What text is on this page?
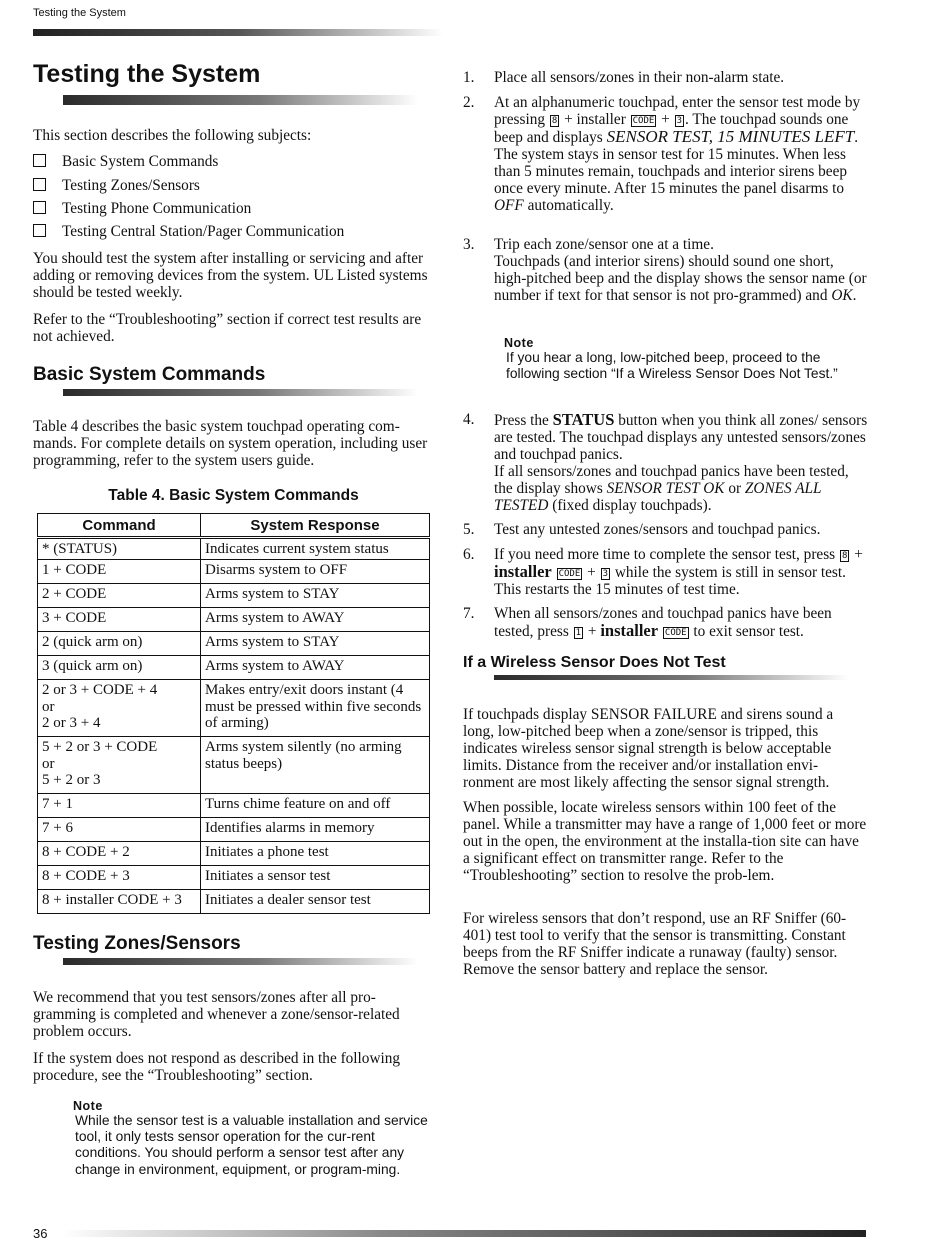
Testing the System
Testing the System
This section describes the following subjects:
Basic System Commands
Testing Zones/Sensors
Testing Phone Communication
Testing Central Station/Pager Communication
You should test the system after installing or servicing and after adding or removing devices from the system. UL Listed systems should be tested weekly.
Refer to the “Troubleshooting” section if correct test results are not achieved.
Basic System Commands
Table 4 describes the basic system touchpad operating com-mands. For complete details on system operation, including user programming, refer to the system users guide.
Table 4. Basic System Commands
Command	System Response
* (STATUS)	Indicates current system status
1 + CODE	Disarms system to OFF
2 + CODE	Arms system to STAY
3 + CODE	Arms system to AWAY
2 (quick arm on)	Arms system to STAY
3 (quick arm on)	Arms system to AWAY
2 or 3 + CODE + 4
or
2 or 3 + 4	Makes entry/exit doors instant (4 must be pressed within five seconds of arming)
5 + 2 or 3 + CODE
or
5 + 2 or 3	Arms system silently (no arming status beeps)
7 + 1	Turns chime feature on and off
7 + 6	Identifies alarms in memory
8 + CODE + 2	Initiates a phone test
8 + CODE + 3	Initiates a sensor test
8 + installer CODE + 3	Initiates a dealer sensor test
Testing Zones/Sensors
We recommend that you test sensors/zones after all pro-gramming is completed and whenever a zone/sensor-related problem occurs.
If the system does not respond as described in the following procedure, see the “Troubleshooting” section.
Note
While the sensor test is a valuable installation and service tool, it only tests sensor operation for the cur-rent conditions. You should perform a sensor test after any change in environment, equipment, or program-ming.
1. Place all sensors/zones in their non-alarm state.
2. At an alphanumeric touchpad, enter the sensor test mode by pressing 8 + installer CODE + 3 . The touchpad sounds one beep and displays SENSOR TEST, 15 MINUTES LEFT.
The system stays in sensor test for 15 minutes. When less than 5 minutes remain, touchpads and interior sirens beep once every minute. After 15 minutes the panel disarms to OFF automatically.
3. Trip each zone/sensor one at a time.
Touchpads (and interior sirens) should sound one short, high-pitched beep and the display shows the sensor name (or number if text for that sensor is not pro-grammed) and OK.
Note
If you hear a long, low-pitched beep, proceed to the following section “If a Wireless Sensor Does Not Test.”
4. Press the STATUS button when you think all zones/ sensors are tested. The touchpad displays any untested sensors/zones and touchpad panics.
If all sensors/zones and touchpad panics have been tested, the display shows SENSOR TEST OK or ZONES ALL TESTED (fixed display touchpads).
5. Test any untested zones/sensors and touchpad panics.
6. If you need more time to complete the sensor test, press 8 + installer CODE + 3 while the system is still in sensor test. This restarts the 15 minutes of test time.
7. When all sensors/zones and touchpad panics have been tested, press 1 + installer CODE to exit sensor test.
If a Wireless Sensor Does Not Test
If touchpads display SENSOR FAILURE and sirens sound a long, low-pitched beep when a zone/sensor is tripped, this indicates wireless sensor signal strength is below acceptable limits. Distance from the receiver and/or installation envi-ronment are most likely affecting the sensor signal strength.
When possible, locate wireless sensors within 100 feet of the panel. While a transmitter may have a range of 1,000 feet or more out in the open, the environment at the installa-tion site can have a significant effect on transmitter range. Refer to the “Troubleshooting” section to resolve the prob-lem.
For wireless sensors that don’t respond, use an RF Sniffer (60-401) test tool to verify that the sensor is transmitting. Constant beeps from the RF Sniffer indicate a runaway (faulty) sensor. Remove the sensor battery and replace the sensor.
36
